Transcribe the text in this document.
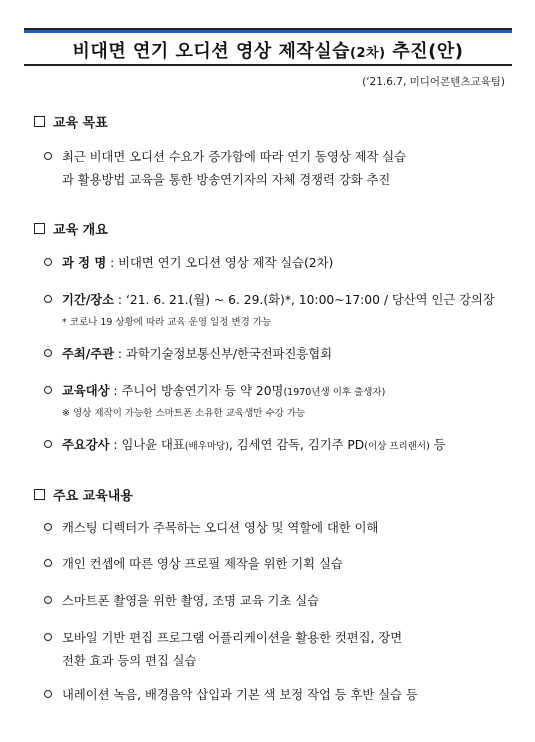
비대면 연기 오디션 영상 제작실습(2차) 추진(안)
(‘21.6.7, 미디어콘텐츠교육팀)
교육 목표
최근 비대면 오디션 수요가 증가함에 따라 연기 동영상 제작 실습
과 활용방법 교육을 통한 방송연기자의 자체 경쟁력 강화 추진
교육 개요
과 정 명 : 비대면 연기 오디션 영상 제작 실습(2차)
기간/장소 : ‘21. 6. 21.(월) ~ 6. 29.(화)*, 10:00~17:00 / 당산역 인근 강의장
* 코로나 19 상황에 따라 교육 운영 일정 변경 가능
주최/주관 : 과학기술정보통신부/한국전파진흥협회
교육대상 : 주니어 방송연기자 등 약 20명(1970년생 이후 출생자)
※ 영상 제작이 가능한 스마트폰 소유한 교육생만 수강 가능
주요강사 : 임나윤 대표(배우마당), 김세연 감독, 김기주 PD(이상 프리랜서) 등
주요 교육내용
캐스팅 디렉터가 주목하는 오디션 영상 및 역할에 대한 이해
개인 컨셉에 따른 영상 프로필 제작을 위한 기획 실습
스마트폰 촬영을 위한 촬영, 조명 교육 기초 실습
모바일 기반 편집 프로그램 어플리케이션을 활용한 컷편집, 장면
전환 효과 등의 편집 실습
내레이션 녹음, 배경음악 삽입과 기본 색 보정 작업 등 후반 실습 등
